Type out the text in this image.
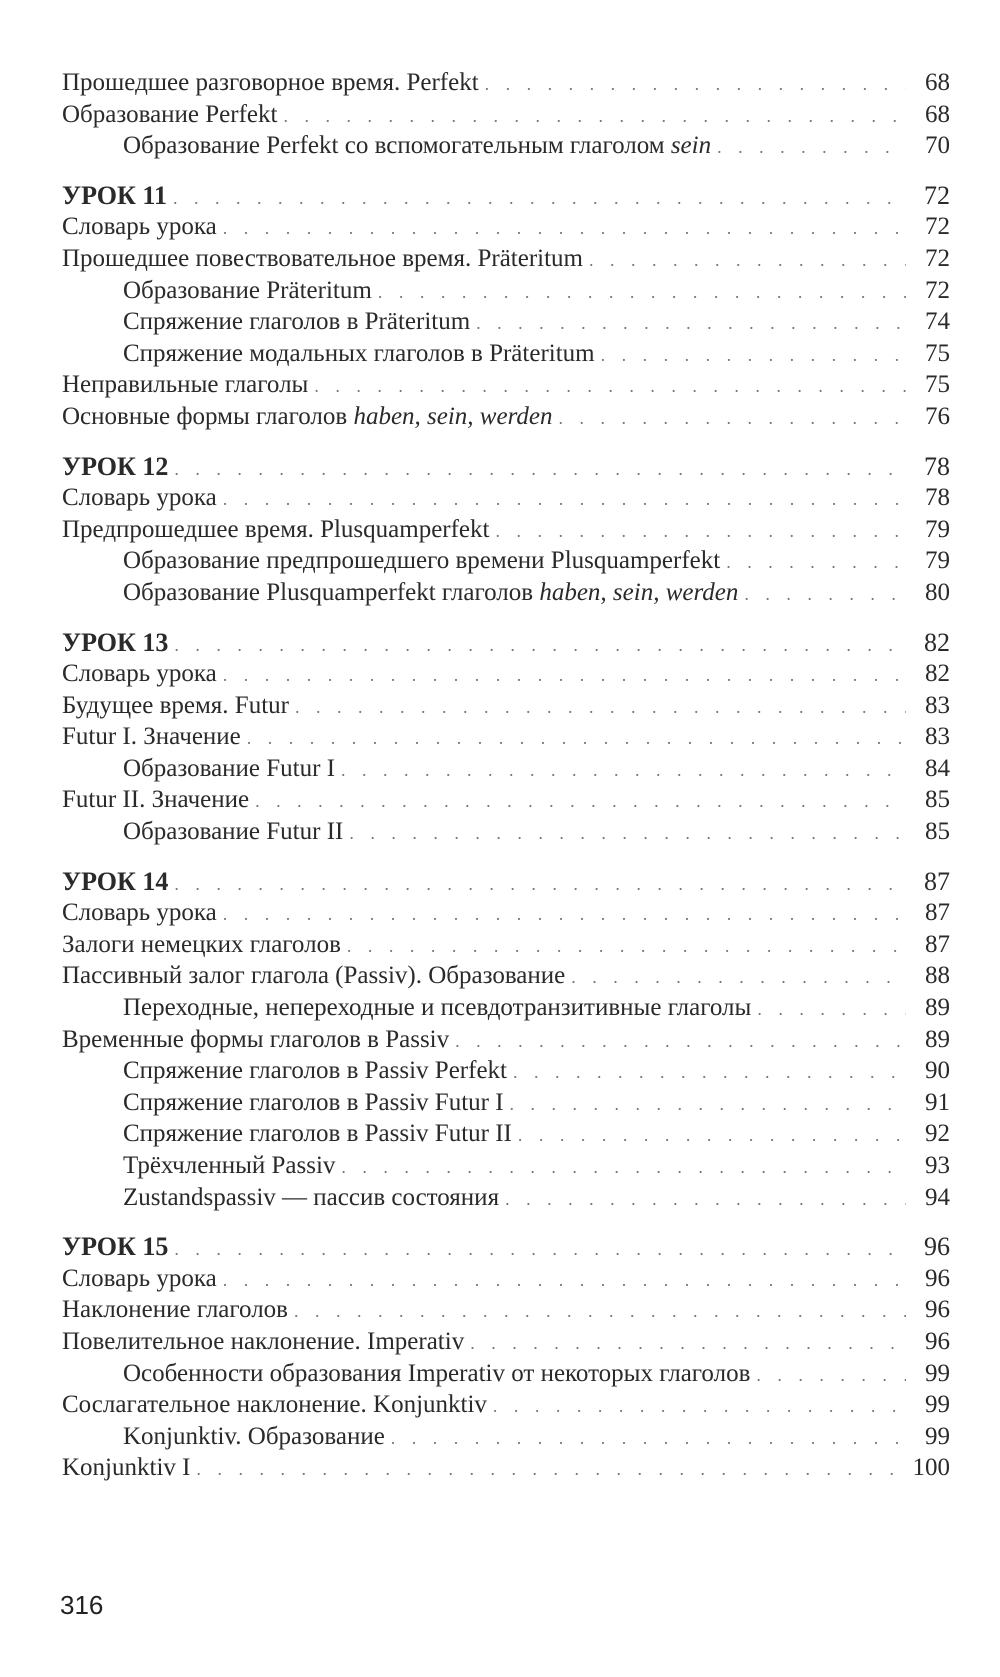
Прошедшее разговорное время. Perfekt . . .	68
Образование Perfekt . . .	68
Образование Perfekt со вспомогательным глаголом sein . . .	70
УРОК 11 . . .	72
Словарь урока . . .	72
Прошедшее повествовательное время. Präteritum . . .	72
Образование Präteritum . . .	72
Спряжение глаголов в Präteritum . . .	74
Спряжение модальных глаголов в Präteritum . . .	75
Неправильные глаголы . . .	75
Основные формы глаголов haben, sein, werden . . .	76
УРОК 12 . . .	78
Словарь урока . . .	78
Предпрошедшее время. Plusquamperfekt . . .	79
Образование предпрошедшего времени Plusquamperfekt . . .	79
Образование Plusquamperfekt глаголов haben, sein, werden . . .	80
УРОК 13 . . .	82
Словарь урока . . .	82
Будущее время. Futur . . .	83
Futur I. Значение . . .	83
Образование Futur I . . .	84
Futur II. Значение . . .	85
Образование Futur II . . .	85
УРОК 14 . . .	87
Словарь урока . . .	87
Залоги немецких глаголов . . .	87
Пассивный залог глагола (Passiv). Образование . . .	88
Переходные, непереходные и псевдотранзитивные глаголы . . .	89
Временные формы глаголов в Passiv . . .	89
Спряжение глаголов в Passiv Perfekt . . .	90
Спряжение глаголов в Passiv Futur I . . .	91
Спряжение глаголов в Passiv Futur II . . .	92
Трёхчленный Passiv . . .	93
Zustandspassiv — пассив состояния . . .	94
УРОК 15 . . .	96
Словарь урока . . .	96
Наклонение глаголов . . .	96
Повелительное наклонение. Imperativ . . .	96
Особенности образования Imperativ от некоторых глаголов . . .	99
Сослагательное наклонение. Konjunktiv . . .	99
Konjunktiv. Образование . . .	99
Konjunktiv I . . .	100
316
